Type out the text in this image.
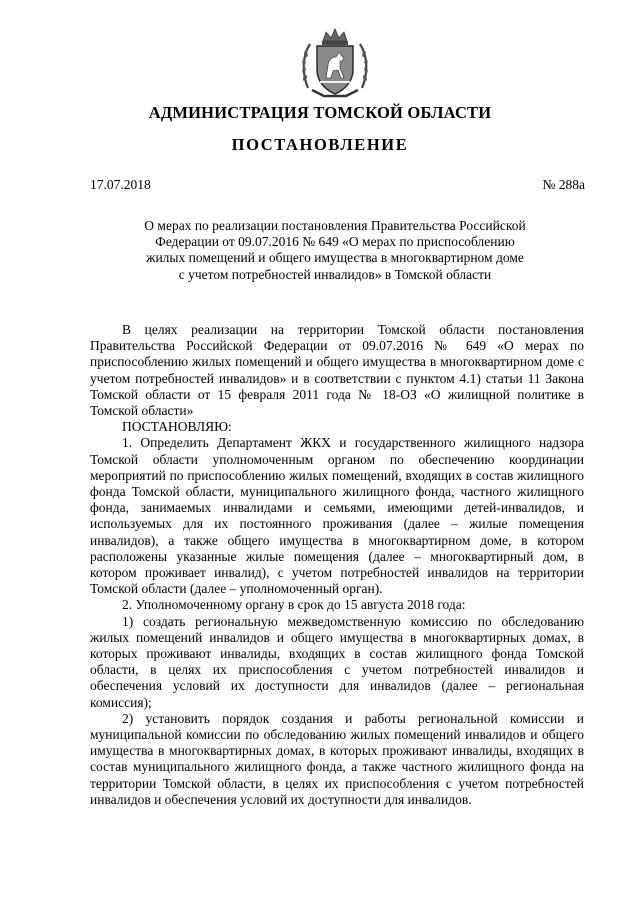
АДМИНИСТРАЦИЯ ТОМСКОЙ ОБЛАСТИ
ПОСТАНОВЛЕНИЕ
17.07.2018	№ 288а
О мерах по реализации постановления Правительства Российской
Федерации от 09.07.2016 № 649 «О мерах по приспособлению
жилых помещений и общего имущества в многоквартирном доме
с учетом потребностей инвалидов» в Томской области

В целях реализации на территории Томской области постановления Правительства Российской Федерации от 09.07.2016 № 649 «О мерах по приспособлению жилых помещений и общего имущества в многоквартирном доме с учетом потребностей инвалидов» и в соответствии с пунктом 4.1) статьи 11 Закона Томской области от 15 февраля 2011 года № 18-ОЗ «О жилищной политике в Томской области»

ПОСТАНОВЛЯЮ:

1. Определить Департамент ЖКХ и государственного жилищного надзора Томской области уполномоченным органом по обеспечению координации мероприятий по приспособлению жилых помещений, входящих в состав жилищного фонда Томской области, муниципального жилищного фонда, частного жилищного фонда, занимаемых инвалидами и семьями, имеющими детей-инвалидов, и используемых для их постоянного проживания (далее – жилые помещения инвалидов), а также общего имущества в многоквартирном доме, в котором расположены указанные жилые помещения (далее – многоквартирный дом, в котором проживает инвалид), с учетом потребностей инвалидов на территории Томской области (далее – уполномоченный орган).

2. Уполномоченному органу в срок до 15 августа 2018 года:

1) создать региональную межведомственную комиссию по обследованию жилых помещений инвалидов и общего имущества в многоквартирных домах, в которых проживают инвалиды, входящих в состав жилищного фонда Томской области, в целях их приспособления с учетом потребностей инвалидов и обеспечения условий их доступности для инвалидов (далее – региональная комиссия);

2) установить порядок создания и работы региональной комиссии и муниципальной комиссии по обследованию жилых помещений инвалидов и общего имущества в многоквартирных домах, в которых проживают инвалиды, входящих в состав муниципального жилищного фонда, а также частного жилищного фонда на территории Томской области, в целях их приспособления с учетом потребностей инвалидов и обеспечения условий их доступности для инвалидов.
